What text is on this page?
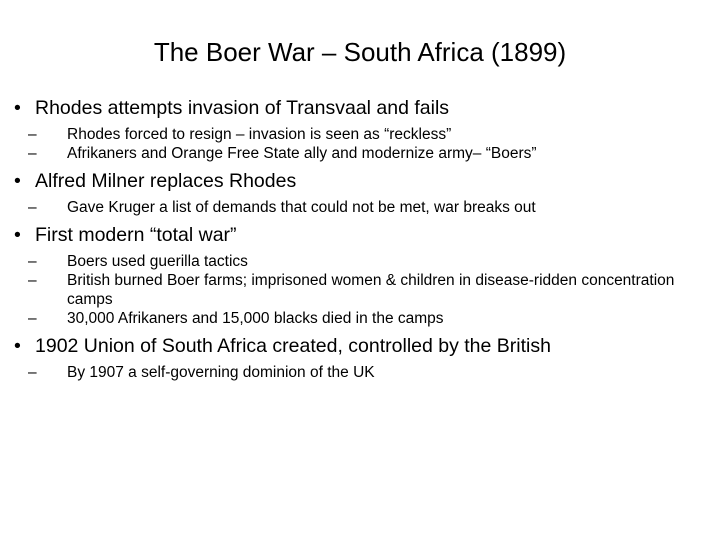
The Boer War – South Africa (1899)
• Rhodes attempts invasion of Transvaal and fails
– Rhodes forced to resign – invasion is seen as “reckless”
– Afrikaners and Orange Free State ally and modernize army– “Boers”
• Alfred Milner replaces Rhodes
– Gave Kruger a list of demands that could not be met, war breaks out
• First modern “total war”
– Boers used guerilla tactics
– British burned Boer farms; imprisoned women & children in disease-ridden concentration camps
– 30,000 Afrikaners and 15,000 blacks died in the camps
• 1902 Union of South Africa created, controlled by the British
– By 1907 a self-governing dominion of the UK
